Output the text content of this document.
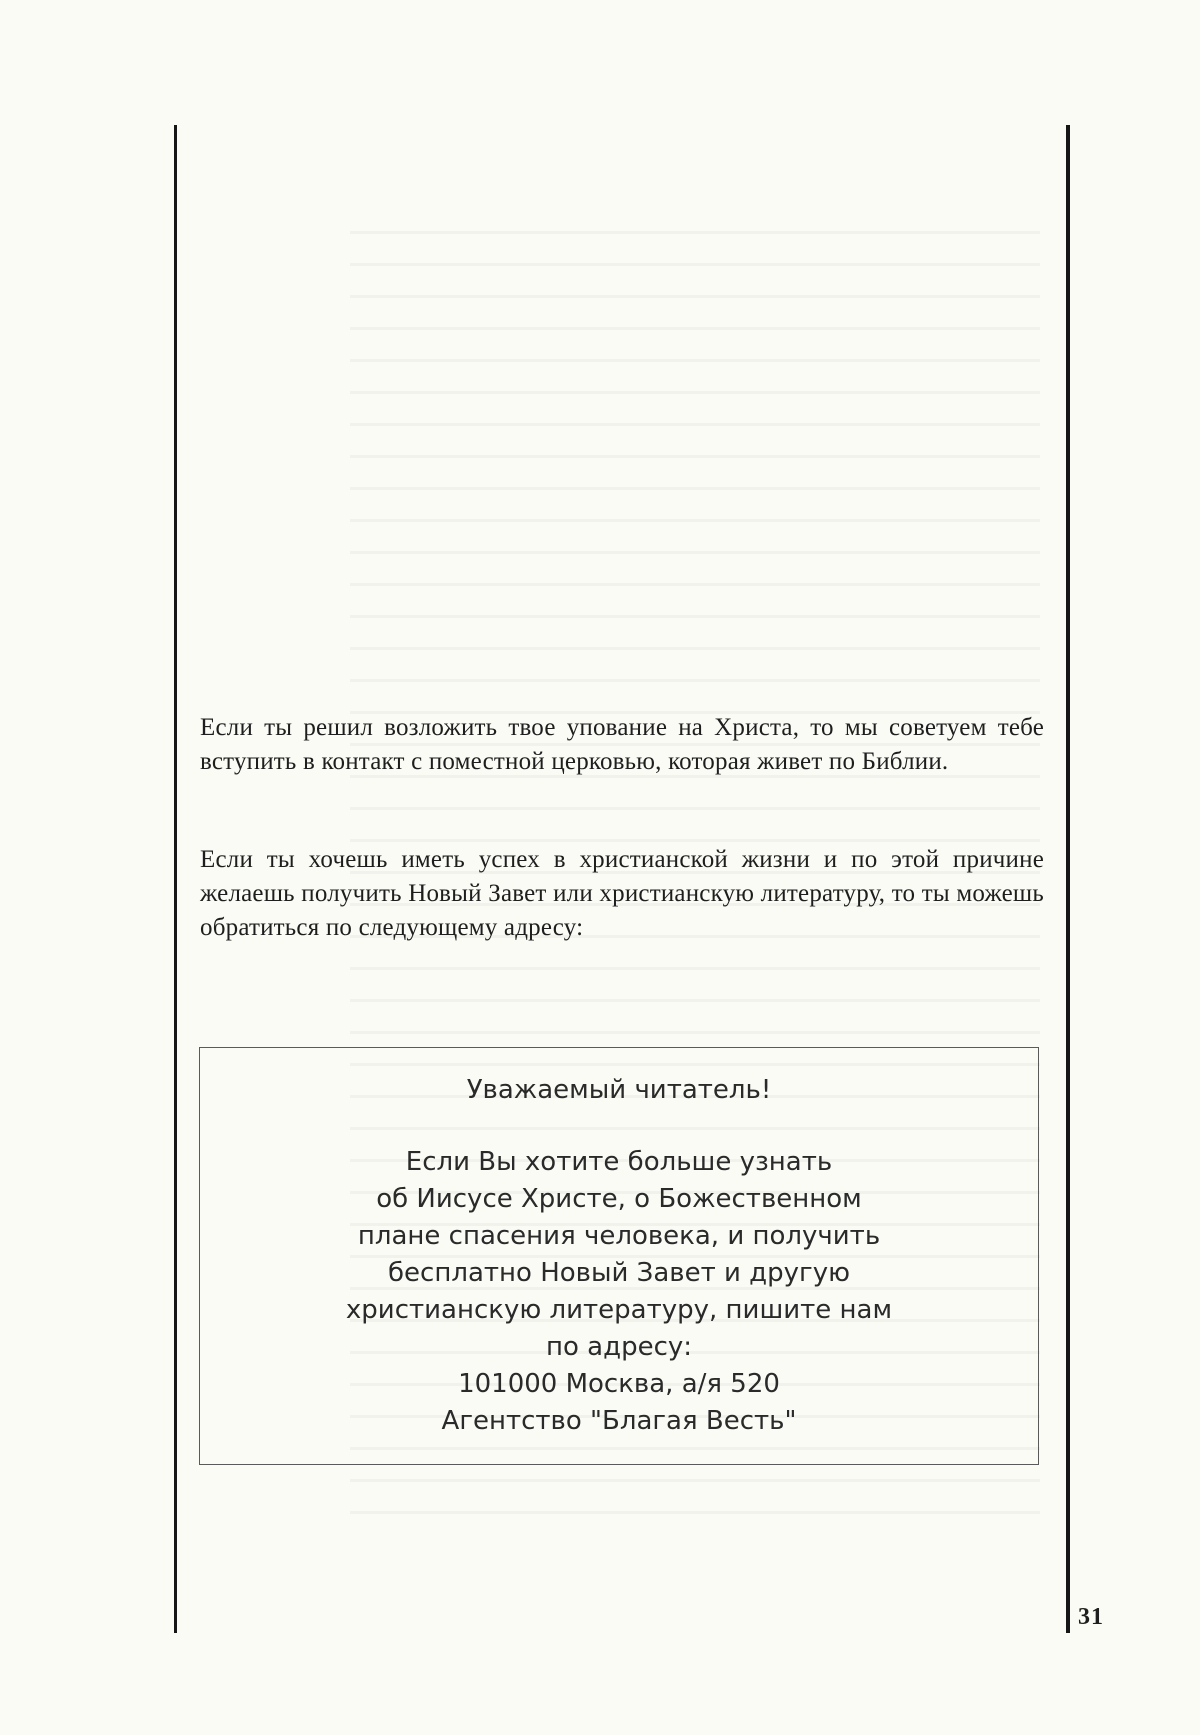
Если ты решил возложить твое упование на Христа, то мы советуем тебе вступить в контакт с поместной церковью, которая живет по Библии.

Если ты хочешь иметь успех в христианской жизни и по этой причине желаешь получить Новый Завет или христианскую литературу, то ты можешь обратиться по следующему адресу:

Уважаемый читатель!
Если Вы хотите больше узнать
об Иисусе Христе, о Божественном
плане спасения человека, и получить
бесплатно Новый Завет и другую
христианскую литературу, пишите нам
по адресу:
101000 Москва, а/я 520
Агентство "Благая Весть"
31
